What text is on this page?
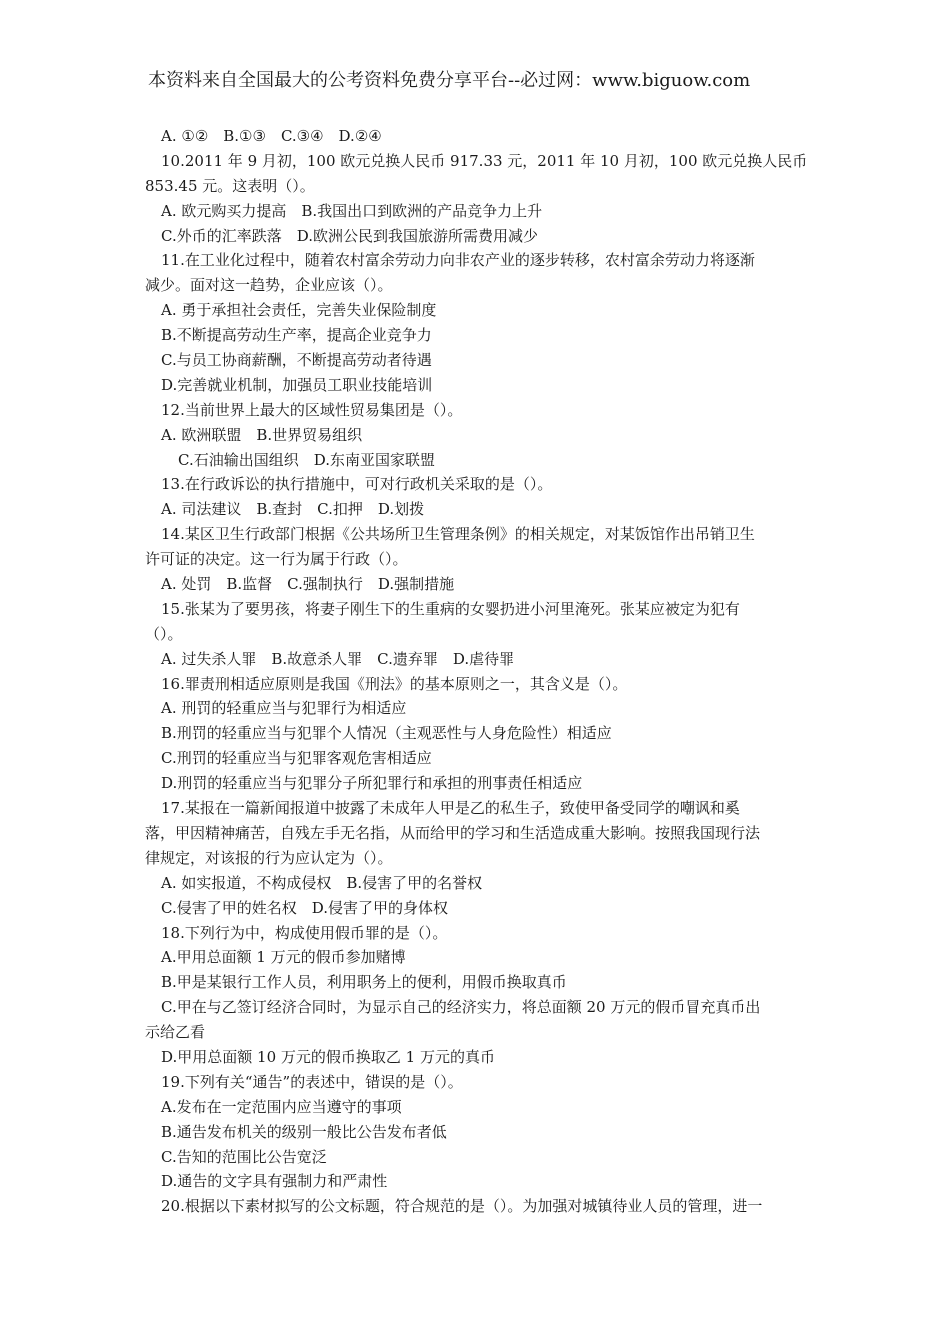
本资料来自全国最大的公考资料免费分享平台--必过网：www.biguow.com
A. ①②　B.①③　C.③④　D.②④
10.2011 年 9 月初，100 欧元兑换人民币 917.33 元，2011 年 10 月初，100 欧元兑换人民币
853.45 元。这表明（）。
A. 欧元购买力提高　B.我国出口到欧洲的产品竞争力上升
C.外币的汇率跌落　D.欧洲公民到我国旅游所需费用减少
11.在工业化过程中，随着农村富余劳动力向非农产业的逐步转移，农村富余劳动力将逐渐
减少。面对这一趋势，企业应该（）。
A. 勇于承担社会责任，完善失业保险制度
B.不断提高劳动生产率，提高企业竞争力
C.与员工协商薪酬，不断提高劳动者待遇
D.完善就业机制，加强员工职业技能培训
12.当前世界上最大的区域性贸易集团是（）。
A. 欧洲联盟　B.世界贸易组织
C.石油输出国组织　D.东南亚国家联盟
13.在行政诉讼的执行措施中，可对行政机关采取的是（）。
A. 司法建议　B.查封　C.扣押　D.划拨
14.某区卫生行政部门根据《公共场所卫生管理条例》的相关规定，对某饭馆作出吊销卫生
许可证的决定。这一行为属于行政（）。
A. 处罚　B.监督　C.强制执行　D.强制措施
15.张某为了要男孩，将妻子刚生下的生重病的女婴扔进小河里淹死。张某应被定为犯有
（）。
A. 过失杀人罪　B.故意杀人罪　C.遗弃罪　D.虐待罪
16.罪责刑相适应原则是我国《刑法》的基本原则之一，其含义是（）。
A. 刑罚的轻重应当与犯罪行为相适应
B.刑罚的轻重应当与犯罪个人情况（主观恶性与人身危险性）相适应
C.刑罚的轻重应当与犯罪客观危害相适应
D.刑罚的轻重应当与犯罪分子所犯罪行和承担的刑事责任相适应
17.某报在一篇新闻报道中披露了未成年人甲是乙的私生子，致使甲备受同学的嘲讽和奚
落，甲因精神痛苦，自残左手无名指，从而给甲的学习和生活造成重大影响。按照我国现行法
律规定，对该报的行为应认定为（）。
A. 如实报道，不构成侵权　B.侵害了甲的名誉权
C.侵害了甲的姓名权　D.侵害了甲的身体权
18.下列行为中，构成使用假币罪的是（）。
A.甲用总面额 1 万元的假币参加赌博
B.甲是某银行工作人员，利用职务上的便利，用假币换取真币
C.甲在与乙签订经济合同时，为显示自己的经济实力，将总面额 20 万元的假币冒充真币出
示给乙看
D.甲用总面额 10 万元的假币换取乙 1 万元的真币
19.下列有关“通告”的表述中，错误的是（）。
A.发布在一定范围内应当遵守的事项
B.通告发布机关的级别一般比公告发布者低
C.告知的范围比公告宽泛
D.通告的文字具有强制力和严肃性
20.根据以下素材拟写的公文标题，符合规范的是（）。为加强对城镇待业人员的管理，进一
